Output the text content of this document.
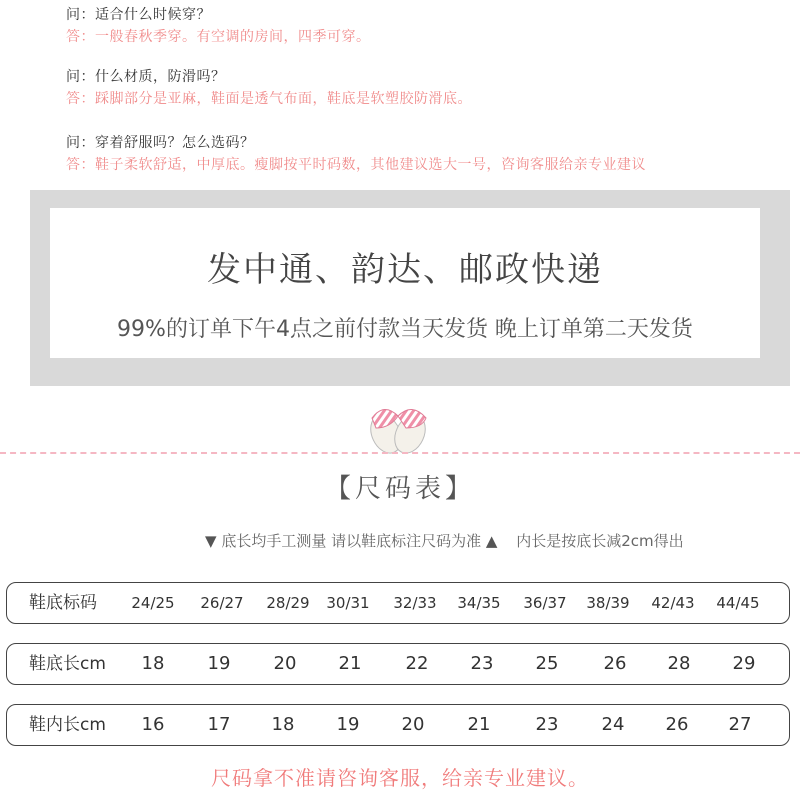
问：适合什么时候穿？
答：一般春秋季穿。有空调的房间，四季可穿。
问：什么材质，防滑吗？
答：踩脚部分是亚麻，鞋面是透气布面，鞋底是软塑胶防滑底。
问：穿着舒服吗？怎么选码？
答：鞋子柔软舒适，中厚底。瘦脚按平时码数，其他建议选大一号，咨询客服给亲专业建议
发中通、韵达、邮政快递
99%的订单下午4点之前付款当天发货 晚上订单第二天发货
【尺码表】
▼ 底长均手工测量 请以鞋底标注尺码为准 ▲ 内长是按底长减2cm得出
鞋底标码	24/25	26/27	28/29	30/31	32/33	34/35	36/37	38/39	42/43	44/45
鞋底长cm	18	19	20	21	22	23	25	26	28	29
鞋内长cm	16	17	18	19	20	21	23	24	26	27
尺码拿不准请咨询客服，给亲专业建议。
